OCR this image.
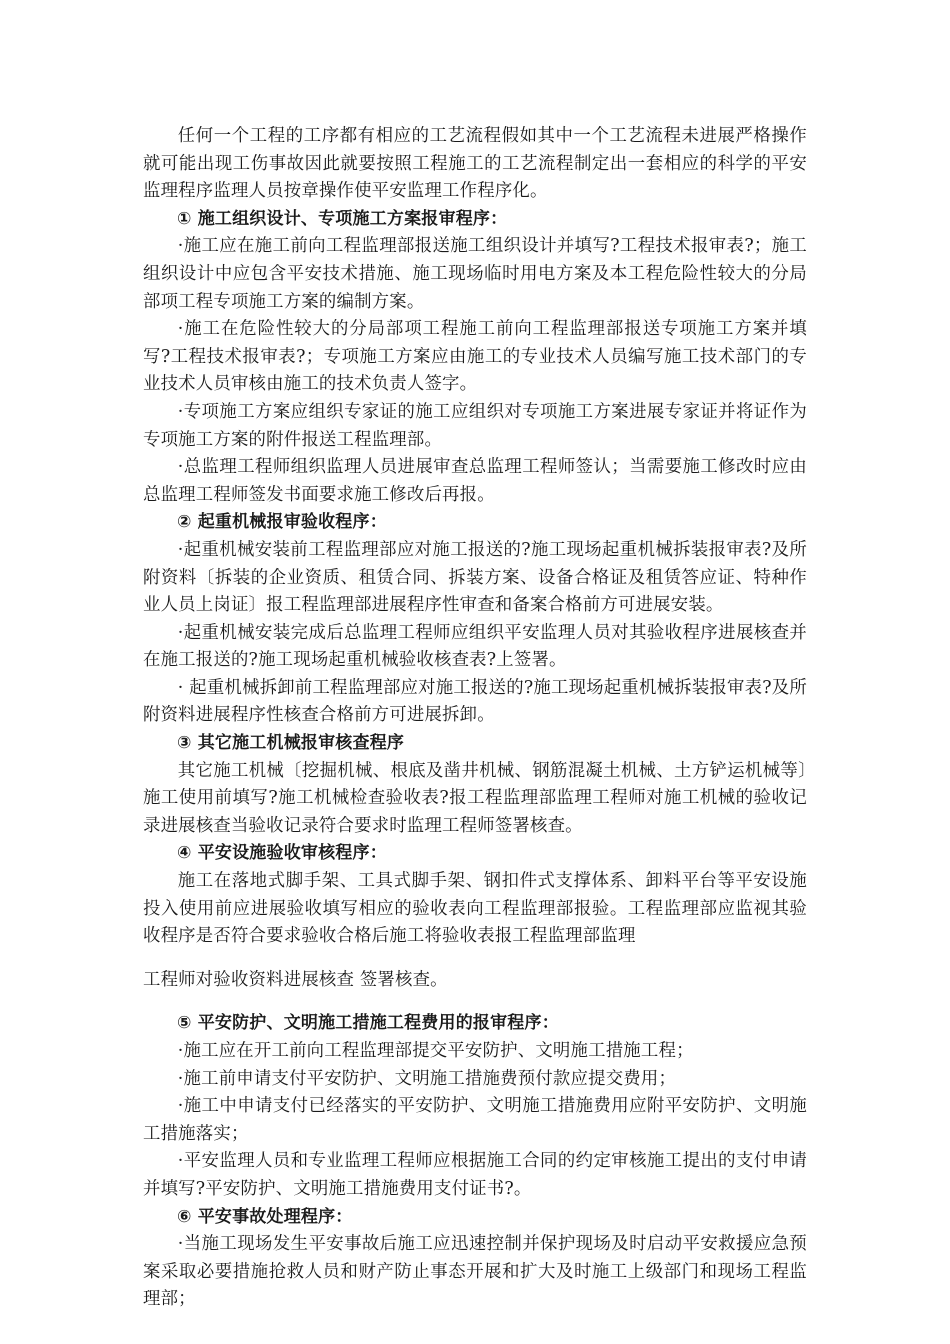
任何一个工程的工序都有相应的工艺流程假如其中一个工艺流程未进展严格操作就可能出现工伤事故因此就要按照工程施工的工艺流程制定出一套相应的科学的平安监理程序监理人员按章操作使平安监理工作程序化。

① 施工组织设计、专项施工方案报审程序：

·施工应在施工前向工程监理部报送施工组织设计并填写?工程技术报审表?；施工组织设计中应包含平安技术措施、施工现场临时用电方案及本工程危险性较大的分局部项工程专项施工方案的编制方案。

·施工在危险性较大的分局部项工程施工前向工程监理部报送专项施工方案并填写?工程技术报审表?；专项施工方案应由施工的专业技术人员编写施工技术部门的专业技术人员审核由施工的技术负责人签字。

·专项施工方案应组织专家证的施工应组织对专项施工方案进展专家证并将证作为专项施工方案的附件报送工程监理部。

·总监理工程师组织监理人员进展审查总监理工程师签认；当需要施工修改时应由总监理工程师签发书面要求施工修改后再报。

② 起重机械报审验收程序：

·起重机械安装前工程监理部应对施工报送的?施工现场起重机械拆装报审表?及所附资料〔拆装的企业资质、租赁合同、拆装方案、设备合格证及租赁答应证、特种作业人员上岗证〕报工程监理部进展程序性审查和备案合格前方可进展安装。

·起重机械安装完成后总监理工程师应组织平安监理人员对其验收程序进展核查并在施工报送的?施工现场起重机械验收核查表?上签署。

· 起重机械拆卸前工程监理部应对施工报送的?施工现场起重机械拆装报审表?及所附资料进展程序性核查合格前方可进展拆卸。

③ 其它施工机械报审核查程序

其它施工机械〔挖掘机械、根底及凿井机械、钢筋混凝土机械、土方铲运机械等〕施工使用前填写?施工机械检查验收表?报工程监理部监理工程师对施工机械的验收记录进展核查当验收记录符合要求时监理工程师签署核查。

④ 平安设施验收审核程序：

施工在落地式脚手架、工具式脚手架、钢扣件式支撑体系、卸料平台等平安设施投入使用前应进展验收填写相应的验收表向工程监理部报验。工程监理部应监视其验收程序是否符合要求验收合格后施工将验收表报工程监理部监理

工程师对验收资料进展核查 签署核查。

⑤ 平安防护、文明施工措施工程费用的报审程序：

·施工应在开工前向工程监理部提交平安防护、文明施工措施工程；

·施工前申请支付平安防护、文明施工措施费预付款应提交费用；

·施工中申请支付已经落实的平安防护、文明施工措施费用应附平安防护、文明施工措施落实；

·平安监理人员和专业监理工程师应根据施工合同的约定审核施工提出的支付申请并填写?平安防护、文明施工措施费用支付证书?。

⑥ 平安事故处理程序：

·当施工现场发生平安事故后施工应迅速控制并保护现场及时启动平安救援应急预案采取必要措施抢救人员和财产防止事态开展和扩大及时施工上级部门和现场工程监理部；
